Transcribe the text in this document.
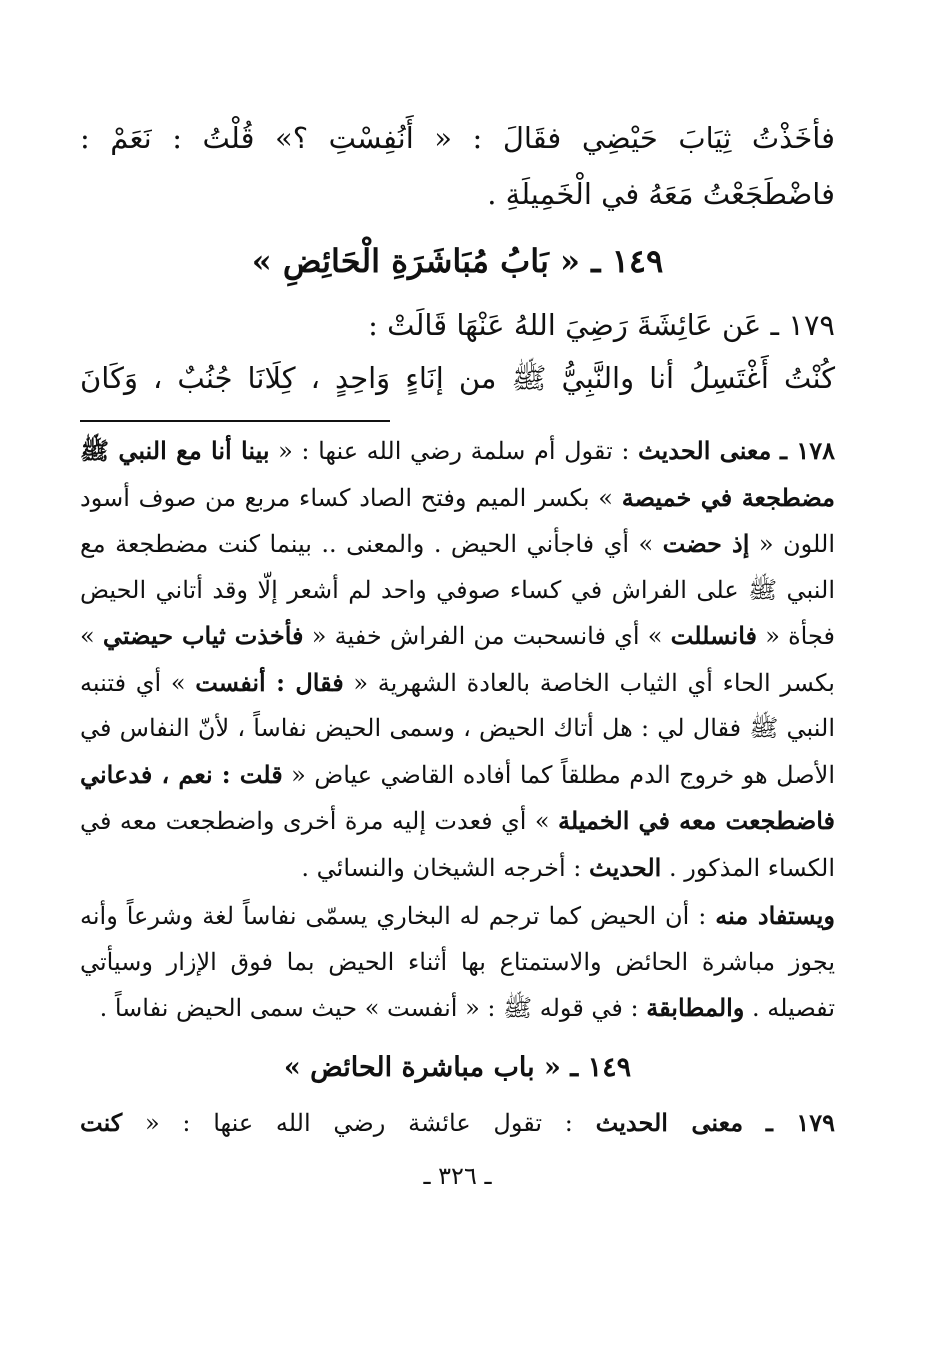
فأخَذْتُ ثِيَابَ حَيْضِي فقَالَ : « أَنُفِسْتِ ؟» قُلْتُ : نَعَمْ : فاضْطَجَعْتُ مَعَهُ في الْخَمِيلَةِ .

١٤٩ ـ « بَابُ مُبَاشَرَةِ الْحَائِضِ »

١٧٩ ـ عَن عَائِشَةَ رَضِيَ اللهُ عَنْهَا قَالَتْ :

كُنْتُ أَغْتَسِلُ أنا والنَّبِيُّ ﷺ من إنَاءٍ وَاحِدٍ ، كِلَانَا جُنُبٌ ، وَكَانَ

١٧٨ ـ معنى الحديث : تقول أم سلمة رضي الله عنها : « بينا أنا مع النبي ﷺ مضطجعة في خميصة » بكسر الميم وفتح الصاد كساء مربع من صوف أسود اللون « إذ حضت » أي فاجأني الحيض . والمعنى .. بينما كنت مضطجعة مع النبي ﷺ على الفراش في كساء صوفي واحد لم أشعر إلّا وقد أتاني الحيض فجأة « فانسللت » أي فانسحبت من الفراش خفية « فأخذت ثياب حيضتي » بكسر الحاء أي الثياب الخاصة بالعادة الشهرية « فقال : أنفست » أي فتنبه النبي ﷺ فقال لي : هل أتاك الحيض ، وسمى الحيض نفاساً ، لأنّ النفاس في الأصل هو خروج الدم مطلقاً كما أفاده القاضي عياض « قلت : نعم ، فدعاني فاضطجعت معه في الخميلة » أي فعدت إليه مرة أخرى واضطجعت معه في الكساء المذكور . الحديث : أخرجه الشيخان والنسائي .

ويستفاد منه : أن الحيض كما ترجم له البخاري يسمّى نفاساً لغة وشرعاً وأنه يجوز مباشرة الحائض والاستمتاع بها أثناء الحيض بما فوق الإزار وسيأتي تفصيله . والمطابقة : في قوله ﷺ : « أنفست » حيث سمى الحيض نفاساً .

١٤٩ ـ « باب مباشرة الحائض »

١٧٩ ـ معنى الحديث : تقول عائشة رضي الله عنها : « كنت

ـ ٣٢٦ ـ
